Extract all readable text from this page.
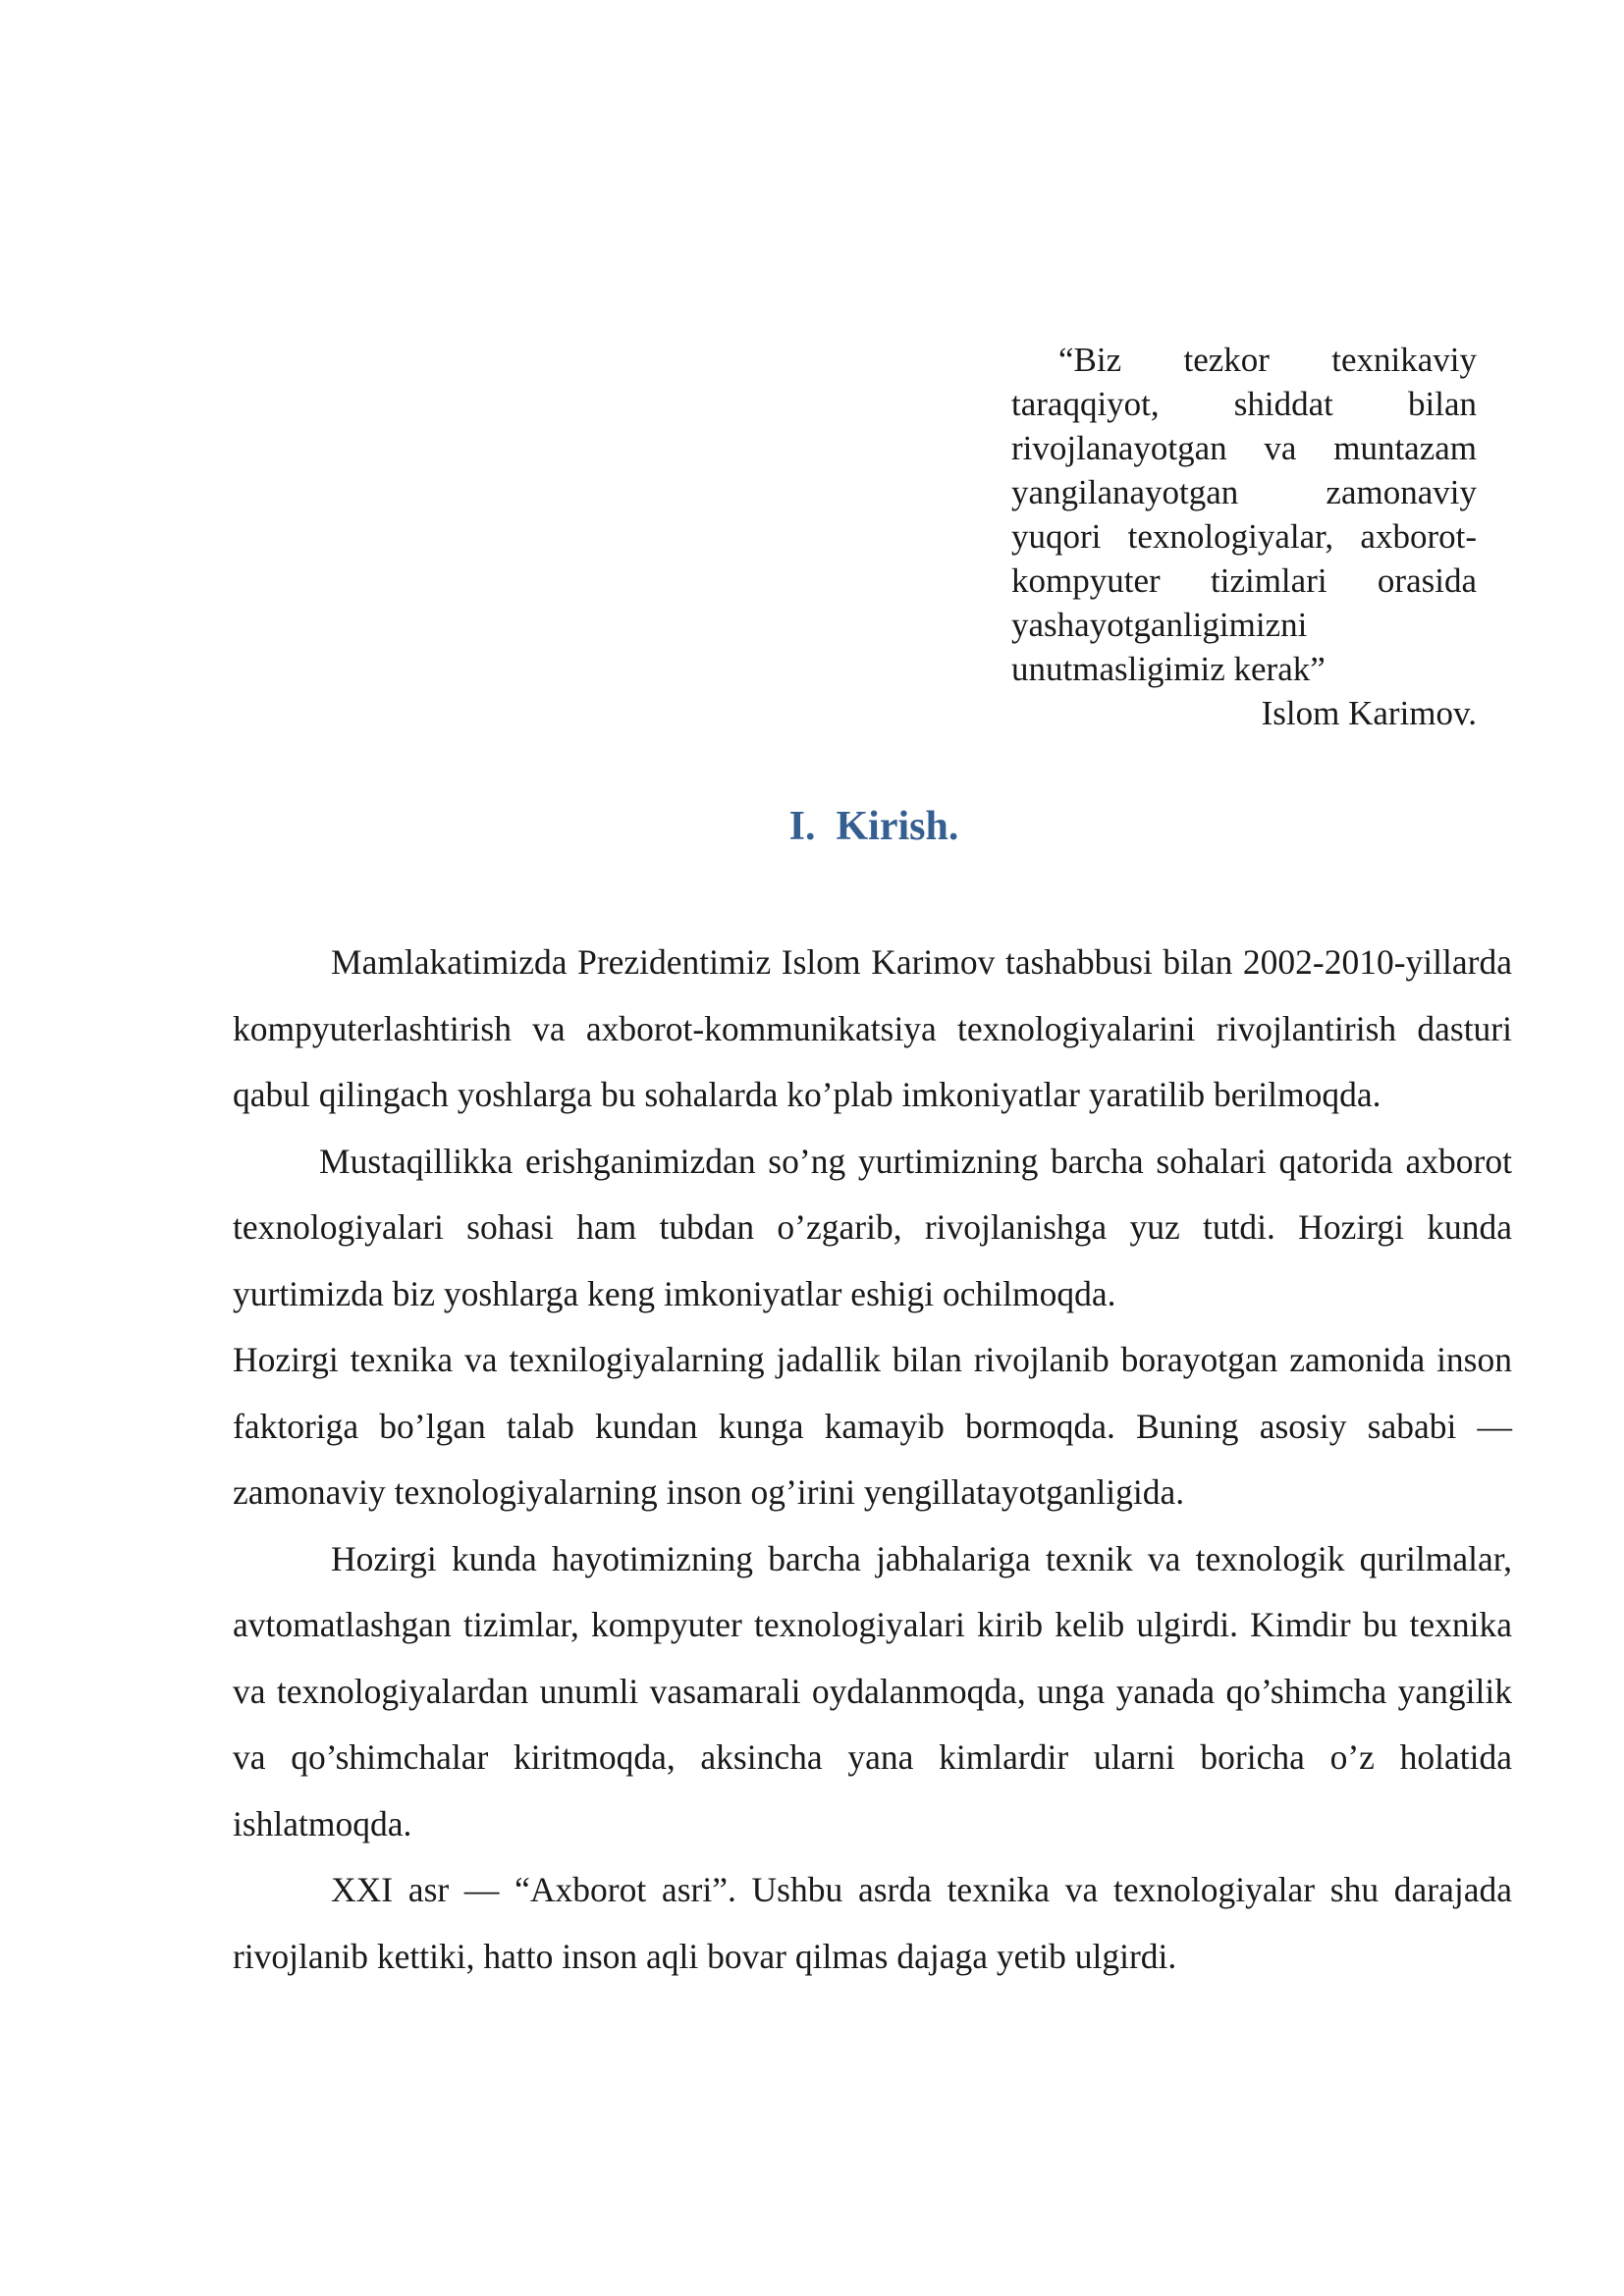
“Biz tezkor texnikaviy taraqqiyot, shiddat bilan rivojlanayotgan va muntazam yangilanayotgan zamonaviy yuqori texnologiyalar, axborot-kompyuter tizimlari orasida yashayotganligimizni unutmasligimiz kerak”

Islom Karimov.

I. Kirish.

Mamlakatimizda Prezidentimiz Islom Karimov tashabbusi bilan 2002-2010-yillarda kompyuterlashtirish va axborot-kommunikatsiya texnologiyalarini rivojlantirish dasturi qabul qilingach yoshlarga bu sohalarda ko’plab imkoniyatlar yaratilib berilmoqda.

Mustaqillikka erishganimizdan so’ng yurtimizning barcha sohalari qatorida axborot texnologiyalari sohasi ham tubdan o’zgarib, rivojlanishga yuz tutdi. Hozirgi kunda yurtimizda biz yoshlarga keng imkoniyatlar eshigi ochilmoqda.

Hozirgi texnika va texnilogiyalarning jadallik bilan rivojlanib borayotgan zamonida inson faktoriga bo’lgan talab kundan kunga kamayib bormoqda. Buning asosiy sababi — zamonaviy texnologiyalarning inson og’irini yengillatayotganligida.

Hozirgi kunda hayotimizning barcha jabhalariga texnik va texnologik qurilmalar, avtomatlashgan tizimlar, kompyuter texnologiyalari kirib kelib ulgirdi. Kimdir bu texnika va texnologiyalardan unumli vasamarali oydalanmoqda, unga yanada qo’shimcha yangilik va qo’shimchalar kiritmoqda, aksincha yana kimlardir ularni boricha o’z holatida ishlatmoqda.

XXI asr — “Axborot asri”. Ushbu asrda texnika va texnologiyalar shu darajada rivojlanib kettiki, hatto inson aqli bovar qilmas dajaga yetib ulgirdi.
